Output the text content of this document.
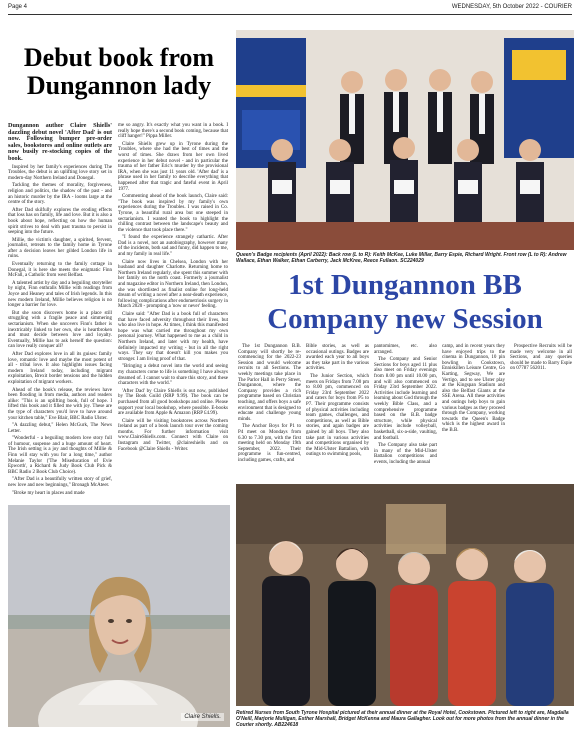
Page 4	WEDNESDAY, 5th October 2022 - COURIER
Debut book from
Dungannon lady

Dungannon author Claire Shiells' dazzling debut novel 'After Dad' is out now. Following bumper pre-order sales, bookstores and online outlets are now busily re-stocking copies of the book.

Inspired by her family's experiences during The Troubles, the debut is an uplifting love story set in modern-day Northern Ireland and Donegal.

Tackling the themes of morality, forgiveness, religion and politics, the shadow of the past - and an historic murder by the IRA - looms large at the centre of the story.

After Dad skilfully explores the eroding effects that loss has on family, life and love. But it is also a book about hope, reflecting on how the human spirit strives to deal with past trauma to persist in seeping into the future.

Millie, the victim's daughter, a spirited, fervent, journalist, retreats to the family home in Tyrone after a decision leaves her gilded London life in ruins.

Eventually returning to the family cottage in Donegal, it is here she meets the enigmatic Finn McFall, a Catholic from west Belfast.

A talented artist by day and a beguiling storyteller by night, Finn enthralls Millie with readings from Joyce and Heaney and tales of Irish legends. In this new modern Ireland, Millie believes religion is no longer a barrier for love.

But she soon discovers home is a place still struggling with a fragile peace and simmering sectarianism. When she uncovers Finn's father is inextricably linked to her own, she is heartbroken and must decide between love and loyalty. Eventually, Millie has to ask herself the question: can love really conquer all?

After Dad explores love in all its guises: family love, romantic love and maybe the most potent of all - tribal love. It also highlights issues facing modern Ireland today, including migrant exploitation, Brexit border tensions and the hidden exploitation of migrant workers.

Ahead of the book's release, the reviews have been flooding in from media, authors and readers alike: "This is an uplifting book, full of hope. I lifted this book and it filled me with joy. These are the type of characters you'd love to have around your kitchen table," Eve Blair, BBC Radio Ulster.

"A dazzling debut," Helen McGurk, The News Letter.

"Wonderful - a beguiling modern love story full of humour, suspense and a huge amount of heart. The Irish setting is a joy and thoughts of Millie & Finn will stay with you for a long time," author Melanie Taylor ('The Miseducation of Evie Epworth', a Richard & Judy Book Club Pick & BBC Radio 2 Book Club Choice).

"After Dad is a beautifully written story of grief, new love and new beginnings," Bronagh McAteer.

"Broke my heart in places and made

me so angry. It's exactly what you want in a book. I really hope there's a second book coming, because that cliff hanger!" Pippa Miller.

Claire Shiells grew up in Tyrone during the Troubles, where she had the best of times and the worst of times. She draws from her own lived experience in her debut novel - and in particular the trauma of her father Eric's murder by the provisional IRA, when she was just 11 years old. 'After dad' is a phrase used in her family to describe everything that happened after that tragic and fateful event in April 1977.

Commenting ahead of the book launch, Claire said: "The book was inspired by my family's own experiences during the Troubles. I was raised in Co. Tyrone, a beautiful rural area but one steeped in sectarianism. I wanted the book to highlight the chilling contrast between the landscape's beauty and the violence that took place there."

"I found the experience strangely cathartic. After Dad is a novel, not an autobiography, however many of the incidents, both sad and funny, did happen to me, and my family in real life."

Claire now lives in Chelsea, London with her husband and daughter Charlotte. Returning home to Northern Ireland regularly, she spent this summer with her family on the north coast. Formerly a journalist and magazine editor in Northern Ireland, then London, she was shortlisted as finalist online for long-held dream of writing a novel after a near-death experience, following complications after endometriosis surgery in March 2020 - prompting a 'now or never' feeling.

Claire said: "After Dad is a book full of characters that have faced adversity throughout their lives, but who also live in hope. At times, I think this manifested hope was what carried me throughout my own personal journey. What happened to me as a child in Northern Ireland, and later with my health, have definitely impacted my writing - but in all the right ways. They say that doesn't kill you makes you stronger. I am living proof of that.

"Bringing a debut novel into the world and seeing my characters come to life is something I have always dreamed of. I cannot wait to share this story, and these characters with the world."

'After Dad' by Claire Shiells is out now, published by The Book Guild (RRP 9.99). The book can be purchased from all good bookshops and online. Please support your local bookshop, where possible. E-books are available from Apple & Amazon (RRP £4.99).

Claire will be visiting bookstores across Northern Ireland as part of a book launch tour over the coming months. For further information visit www.ClaireShiells.com. Connect with Claire on Instagram and Twitter, @claireshiells and on Facebook @Claire Shiells - Writer.

Claire Shiells.
Queen's Badge recipients (April 2022): Back row (L to R): Keith McKee, Luke Millar, Barry Espie, Richard Wright. Front row (L to R): Andrew Wallace, Ethan Walker, Ethan Carberry, Jack McKree, Reece Fullaon. SC224029
1st Dungannon BB
Company new Session

The 1st Dungannon B.B. Company will shortly be re-commencing for the 2022-23 Session and would welcome recruits to all Sections. The weekly meetings take place in The Parlor Hall in Perry Street, Dungannon, where the Company provides a rich programme based on Christian teaching, and offers boys a safe environment that is designed to educate and challenge young minds.

The Anchor Boys for P1 to P4 meet on Mondays from 6.30 to 7.30 pm, with the first meeting held on Monday 19th September, 2022. Their programme is fun-centred, including games, crafts, and

Bible stories, as well as occasional outings. Badges are awarded each year to all boys as they take part in the various activities.

The Junior Section, which meets on Fridays from 7.00 pm to 8.00 pm, commenced on Friday 23rd September 2022 and caters for boys from P5 to P7. Their programme consists of physical activities including team games, challenges, and competitions, as well as Bible stories, and again badges are gained by all boys. They also take part in various activities and competitions organised by the Mid-Ulster Battalion, with outings to swimming pools,

pantomimes, etc. also arranged.

The Company and Senior Sections for boys aged 11 plus also meet on Friday evenings from 8.00 pm until 10.00 pm, and will also commenced on Friday 23rd September 2022. Activities include learning and learning about God through the weekly Bible Class, and a comprehensive programme based on the B.B. badge structure, while physical activities include volleyball, basketball, six-a-side, vaulting, and football.

The Company also take part in many of the Mid-Ulster Battalion competitions and events, including the annual

camp, and in recent years they have enjoyed trips to the cinema in Dungannon, 10 pin bowling in Cookstown, Enniskillen Leisure Centre, Go Karting, Segway, We are Vertigo, and to see Ulster play at the Kingspan Stadium and also the Belfast Giants at the SSE Arena. All these activities and outings help boys to gain various badges as they proceed through the Company, working towards the Queen's Badge which is the highest award in the B.B.

Prospective Recruits will be made very welcome in all Sections, and any queries should be made to Barry Espie on 07787 562011.

Retired Nurses from South Tyrone Hospital pictured at their annual dinner at the Royal Hotel, Cookstown. Pictured left to right are, Magdalla O'Neill, Marjorie Mulligan, Esther Marshall, Bridget McKenna and Maura Gallagher. Look out for more photos from the annual dinner in the Courier shortly. AB224618
